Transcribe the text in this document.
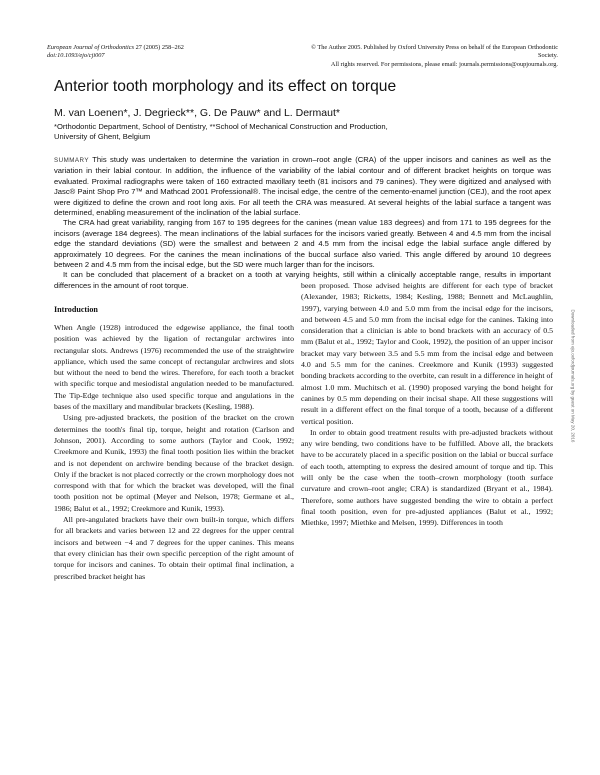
European Journal of Orthodontics 27 (2005) 258–262
doi:10.1093/ejo/cji007
© The Author 2005. Published by Oxford University Press on behalf of the European Orthodontic Society.
All rights reserved. For permissions, please email: journals.permissions@oupjournals.org.
Anterior tooth morphology and its effect on torque
M. van Loenen*, J. Degrieck**, G. De Pauw* and L. Dermaut*
*Orthodontic Department, School of Dentistry, **School of Mechanical Construction and Production,
University of Ghent, Belgium

SUMMARY This study was undertaken to determine the variation in crown–root angle (CRA) of the upper incisors and canines as well as the variation in their labial contour. In addition, the influence of the variability of the labial contour and of different bracket heights on torque was evaluated. Proximal radiographs were taken of 160 extracted maxillary teeth (81 incisors and 79 canines). They were digitized and analysed with Jasc® Paint Shop Pro 7™ and Mathcad 2001 Professional®. The incisal edge, the centre of the cemento-enamel junction (CEJ), and the root apex were digitized to define the crown and root long axis. For all teeth the CRA was measured. At several heights of the labial surface a tangent was determined, enabling measurement of the inclination of the labial surface.

The CRA had great variability, ranging from 167 to 195 degrees for the canines (mean value 183 degrees) and from 171 to 195 degrees for the incisors (average 184 degrees). The mean inclinations of the labial surfaces for the incisors varied greatly. Between 4 and 4.5 mm from the incisal edge the standard deviations (SD) were the smallest and between 2 and 4.5 mm from the incisal edge the labial surface angle differed by approximately 10 degrees. For the canines the mean inclinations of the buccal surface also varied. This angle differed by around 10 degrees between 2 and 4.5 mm from the incisal edge, but the SD were much larger than for the incisors.

It can be concluded that placement of a bracket on a tooth at varying heights, still within a clinically acceptable range, results in important differences in the amount of root torque.

Downloaded from ejo.oxfordjournals.org by guest on May 20, 2016
Introduction

When Angle (1928) introduced the edgewise appliance, the final tooth position was achieved by the ligation of rectangular archwires into rectangular slots. Andrews (1976) recommended the use of the straightwire appliance, which used the same concept of rectangular archwires and slots but without the need to bend the wires. Therefore, for each tooth a bracket with specific torque and mesiodistal angulation needed to be manufactured. The Tip-Edge technique also used specific torque and angulations in the bases of the maxillary and mandibular brackets (Kesling, 1988).

Using pre-adjusted brackets, the position of the bracket on the crown determines the tooth's final tip, torque, height and rotation (Carlson and Johnson, 2001). According to some authors (Taylor and Cook, 1992; Creekmore and Kunik, 1993) the final tooth position lies within the bracket and is not dependent on archwire bending because of the bracket design. Only if the bracket is not placed correctly or the crown morphology does not correspond with that for which the bracket was developed, will the final tooth position not be optimal (Meyer and Nelson, 1978; Germane et al., 1986; Balut et al., 1992; Creekmore and Kunik, 1993).

All pre-angulated brackets have their own built-in torque, which differs for all brackets and varies between 12 and 22 degrees for the upper central incisors and between −4 and 7 degrees for the upper canines. This means that every clinician has their own specific perception of the right amount of torque for incisors and canines. To obtain their optimal final inclination, a prescribed bracket height has

been proposed. Those advised heights are different for each type of bracket (Alexander, 1983; Ricketts, 1984; Kesling, 1988; Bennett and McLaughlin, 1997), varying between 4.0 and 5.0 mm from the incisal edge for the incisors, and between 4.5 and 5.0 mm from the incisal edge for the canines. Taking into consideration that a clinician is able to bond brackets with an accuracy of 0.5 mm (Balut et al., 1992; Taylor and Cook, 1992), the position of an upper incisor bracket may vary between 3.5 and 5.5 mm from the incisal edge and between 4.0 and 5.5 mm for the canines. Creekmore and Kunik (1993) suggested bonding brackets according to the overbite, can result in a difference in height of almost 1.0 mm. Muchitsch et al. (1990) proposed varying the bond height for canines by 0.5 mm depending on their incisal shape. All these suggestions will result in a different effect on the final torque of a tooth, because of a different vertical position.

In order to obtain good treatment results with pre-adjusted brackets without any wire bending, two conditions have to be fulfilled. Above all, the brackets have to be accurately placed in a specific position on the labial or buccal surface of each tooth, attempting to express the desired amount of torque and tip. This will only be the case when the tooth–crown morphology (tooth surface curvature and crown–root angle; CRA) is standardized (Bryant et al., 1984). Therefore, some authors have suggested bending the wire to obtain a perfect final tooth position, even for pre-adjusted appliances (Balut et al., 1992; Miethke, 1997; Miethke and Melsen, 1999). Differences in tooth
